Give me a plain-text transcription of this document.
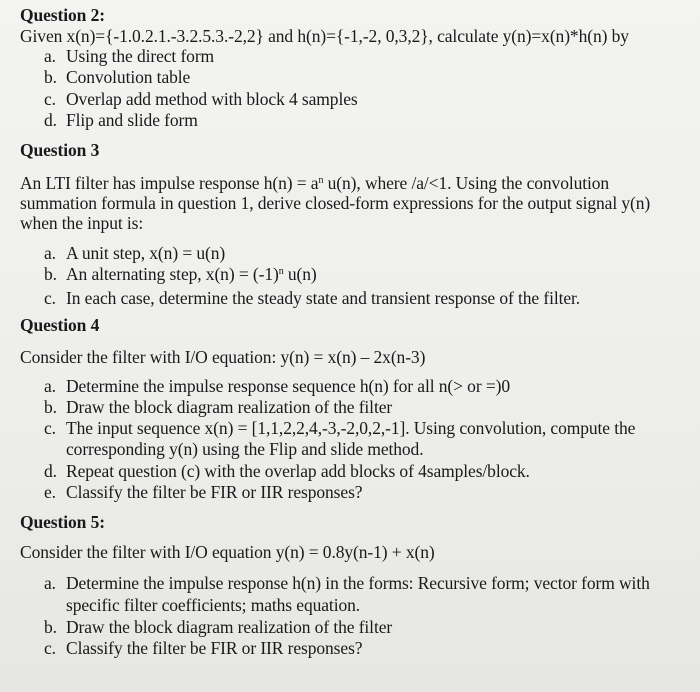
Question 2:
Given x(n)={-1.0.2.1.-3.2.5.3.-2,2} and h(n)={-1,-2, 0,3,2}, calculate y(n)=x(n)*h(n) by
a. Using the direct form
b. Convolution table
c. Overlap add method with block 4 samples
d. Flip and slide form
Question 3
An LTI filter has impulse response $h(n) = a^n$ u(n), where /a/<1. Using the convolution
summation formula in question 1, derive closed-form expressions for the output signal y(n)
when the input is:
a. A unit step, x(n) = u(n)
b. An alternating step, $x(n) = (-1)^n$ u(n)
c. In each case, determine the steady state and transient response of the filter.
Question 4
Consider the filter with I/O equation: y(n) = x(n) – 2x(n-3)
a. Determine the impulse response sequence h(n) for all n(> or =)0
b. Draw the block diagram realization of the filter
c. The input sequence x(n) = [1,1,2,2,4,-3,-2,0,2,-1]. Using convolution, compute the
corresponding y(n) using the Flip and slide method.
d. Repeat question (c) with the overlap add blocks of 4samples/block.
e. Classify the filter be FIR or IIR responses?
Question 5:
Consider the filter with I/O equation y(n) = 0.8y(n-1) + x(n)
a. Determine the impulse response h(n) in the forms: Recursive form; vector form with
specific filter coefficients; maths equation.
b. Draw the block diagram realization of the filter
c. Classify the filter be FIR or IIR responses?
